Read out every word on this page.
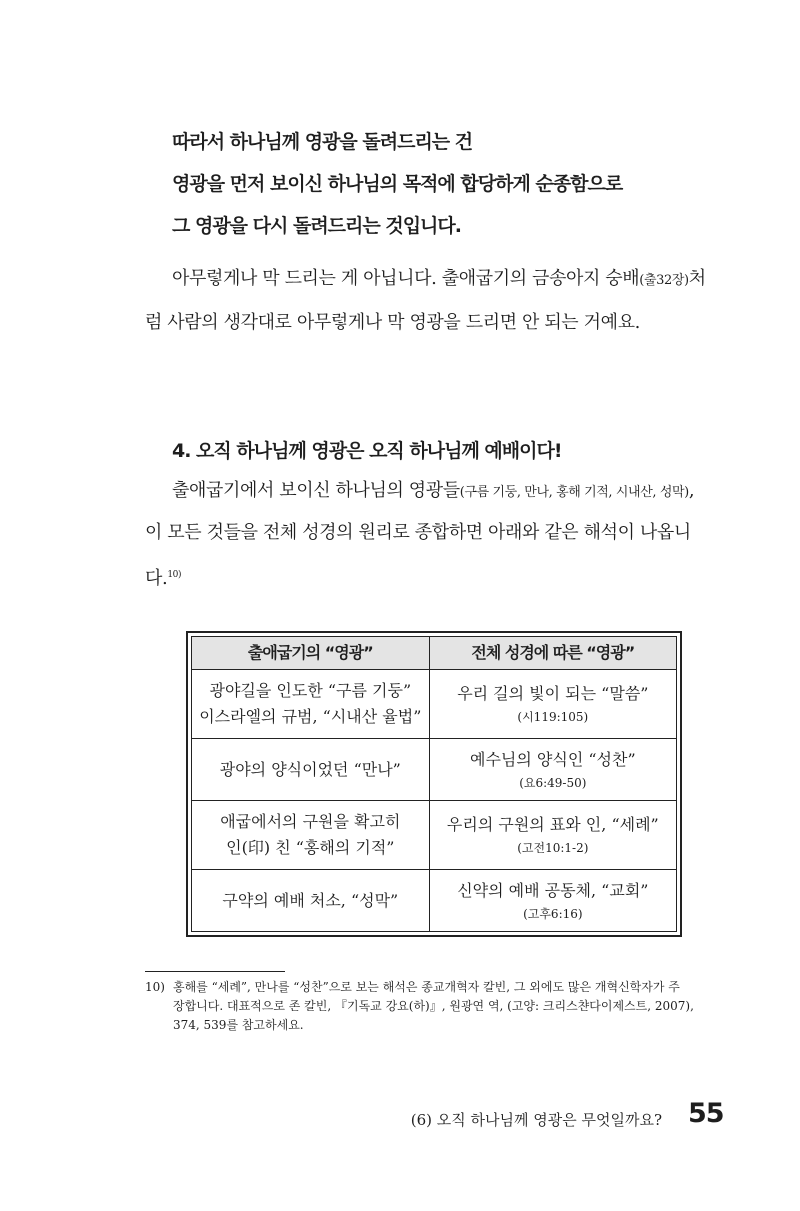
따라서 하나님께 영광을 돌려드리는 건
영광을 먼저 보이신 하나님의 목적에 합당하게 순종함으로
그 영광을 다시 돌려드리는 것입니다.
아무렇게나 막 드리는 게 아닙니다. 출애굽기의 금송아지 숭배(출32장)처
럼 사람의 생각대로 아무렇게나 막 영광을 드리면 안 되는 거예요.
4. 오직 하나님께 영광은 오직 하나님께 예배이다!
출애굽기에서 보이신 하나님의 영광들(구름 기둥, 만나, 홍해 기적, 시내산, 성막),
이 모든 것들을 전체 성경의 원리로 종합하면 아래와 같은 해석이 나옵니
다.$^{10)}$
출애굽기의 “영광”	전체 성경에 따른 “영광”
광야길을 인도한 “구름 기둥”
이스라엘의 규범, “시내산 율법”	우리 길의 빛이 되는 “말씀”
(시119:105)

광야의 양식이었던 “만나”	예수님의 양식인 “성찬”
(요6:49-50)

애굽에서의 구원을 확고히
인(印) 친 “홍해의 기적”	우리의 구원의 표와 인, “세례”
(고전10:1-2)

구약의 예배 처소, “성막”	신약의 예배 공동체, “교회”
(고후6:16)
10) 홍해를 “세례”, 만나를 “성찬”으로 보는 해석은 종교개혁자 칼빈, 그 외에도 많은 개혁신학자가 주
장합니다. 대표적으로 존 칼빈, 『기독교 강요(하)』, 원광연 역, (고양: 크리스챤다이제스트, 2007),
374, 539를 참고하세요.
(6) 오직 하나님께 영광은 무엇일까요? 55
